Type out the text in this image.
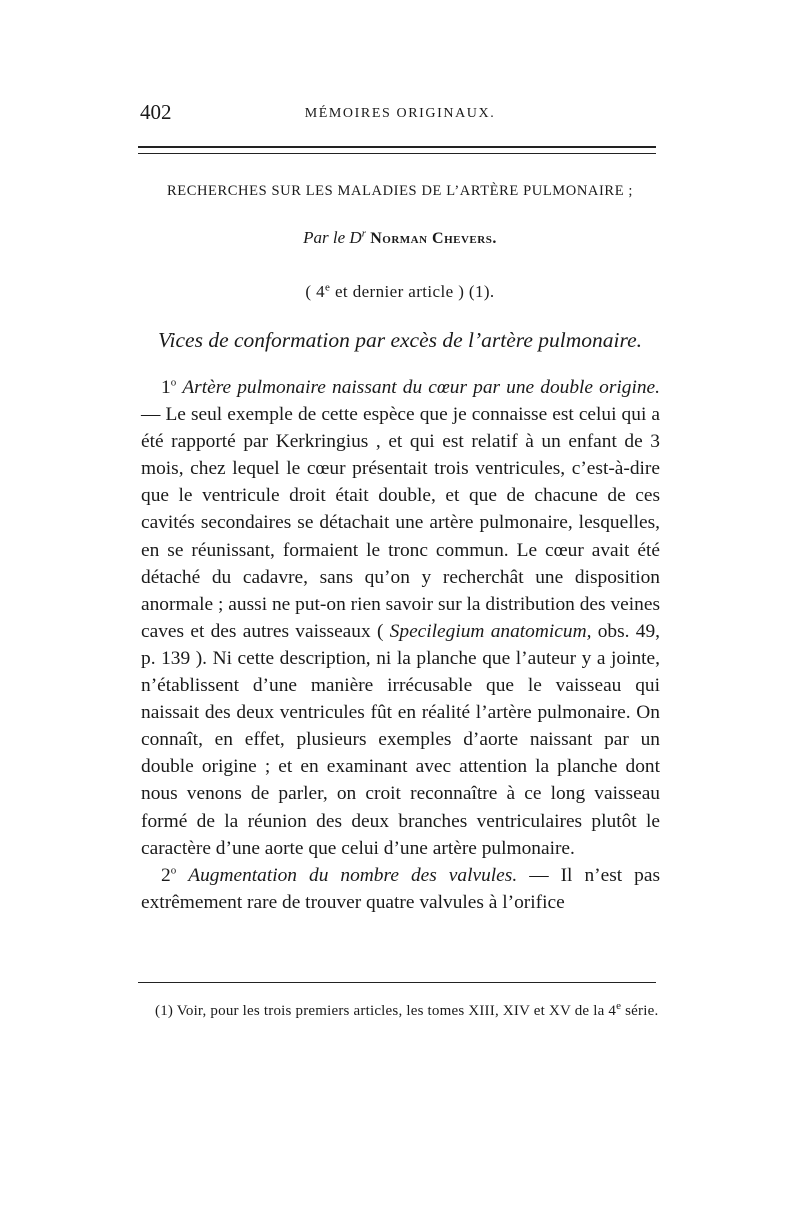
402	MÉMOIRES ORIGINAUX.
RECHERCHES SUR LES MALADIES DE L’ARTÈRE PULMONAIRE ;
Par le $D^r$ Norman Chevers.
( 4e et dernier article ) (1).
Vices de conformation par excès de l’artère pulmonaire.

1$^o$ Artère pulmonaire naissant du cœur par une double origine. — Le seul exemple de cette espèce que je connaisse est celui qui a été rapporté par Kerkringius , et qui est relatif à un enfant de 3 mois, chez lequel le cœur présentait trois ventricules, c’est-à-dire que le ventricule droit était double, et que de chacune de ces cavités secondaires se détachait une artère pulmonaire, lesquelles, en se réunissant, formaient le tronc commun. Le cœur avait été détaché du cadavre, sans qu’on y recherchât une disposition anormale ; aussi ne put-on rien savoir sur la distribution des veines caves et des autres vaisseaux ( Specilegium anatomicum, obs. 49, p. 139 ). Ni cette description, ni la planche que l’auteur y a jointe, n’établissent d’une manière irrécusable que le vaisseau qui naissait des deux ventricules fût en réalité l’artère pulmonaire. On connaît, en effet, plusieurs exemples d’aorte naissant par un double origine ; et en examinant avec attention la planche dont nous venons de parler, on croit reconnaître à ce long vaisseau formé de la réunion des deux branches ventriculaires plutôt le caractère d’une aorte que celui d’une artère pulmonaire.

2$^o$ Augmentation du nombre des valvules. — Il n’est pas extrêmement rare de trouver quatre valvules à l’orifice

(1) Voir, pour les trois premiers articles, les tomes XIII, XIV et XV de la 4e série.
